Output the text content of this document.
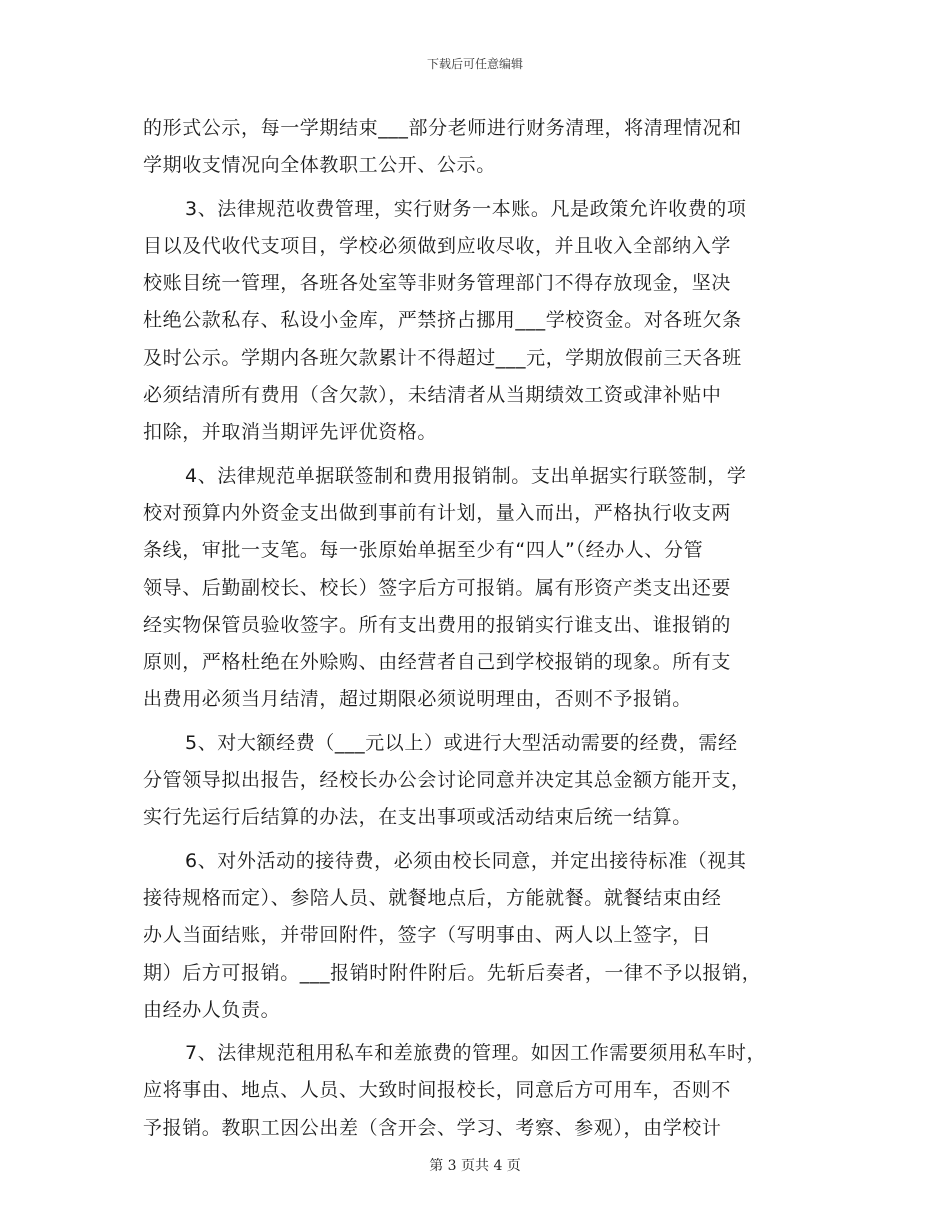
下载后可任意编辑
的形式公示，每一学期结束___部分老师进行财务清理，将清理情况和
学期收支情况向全体教职工公开、公示。
3、法律规范收费管理，实行财务一本账。凡是政策允许收费的项
目以及代收代支项目，学校必须做到应收尽收，并且收入全部纳入学
校账目统一管理，各班各处室等非财务管理部门不得存放现金，坚决
杜绝公款私存、私设小金库，严禁挤占挪用___学校资金。对各班欠条
及时公示。学期内各班欠款累计不得超过___元，学期放假前三天各班
必须结清所有费用（含欠款），未结清者从当期绩效工资或津补贴中
扣除，并取消当期评先评优资格。
4、法律规范单据联签制和费用报销制。支出单据实行联签制，学
校对预算内外资金支出做到事前有计划，量入而出，严格执行收支两
条线，审批一支笔。每一张原始单据至少有“四人”（经办人、分管
领导、后勤副校长、校长）签字后方可报销。属有形资产类支出还要
经实物保管员验收签字。所有支出费用的报销实行谁支出、谁报销的
原则，严格杜绝在外赊购、由经营者自己到学校报销的现象。所有支
出费用必须当月结清，超过期限必须说明理由，否则不予报销。
5、对大额经费（___元以上）或进行大型活动需要的经费，需经
分管领导拟出报告，经校长办公会讨论同意并决定其总金额方能开支，
实行先运行后结算的办法，在支出事项或活动结束后统一结算。
6、对外活动的接待费，必须由校长同意，并定出接待标准（视其
接待规格而定）、参陪人员、就餐地点后，方能就餐。就餐结束由经
办人当面结账，并带回附件，签字（写明事由、两人以上签字，日
期）后方可报销。___报销时附件附后。先斩后奏者，一律不予以报销，
由经办人负责。
7、法律规范租用私车和差旅费的管理。如因工作需要须用私车时，
应将事由、地点、人员、大致时间报校长，同意后方可用车，否则不
予报销。教职工因公出差（含开会、学习、考察、参观），由学校计
第 3 页共 4 页
